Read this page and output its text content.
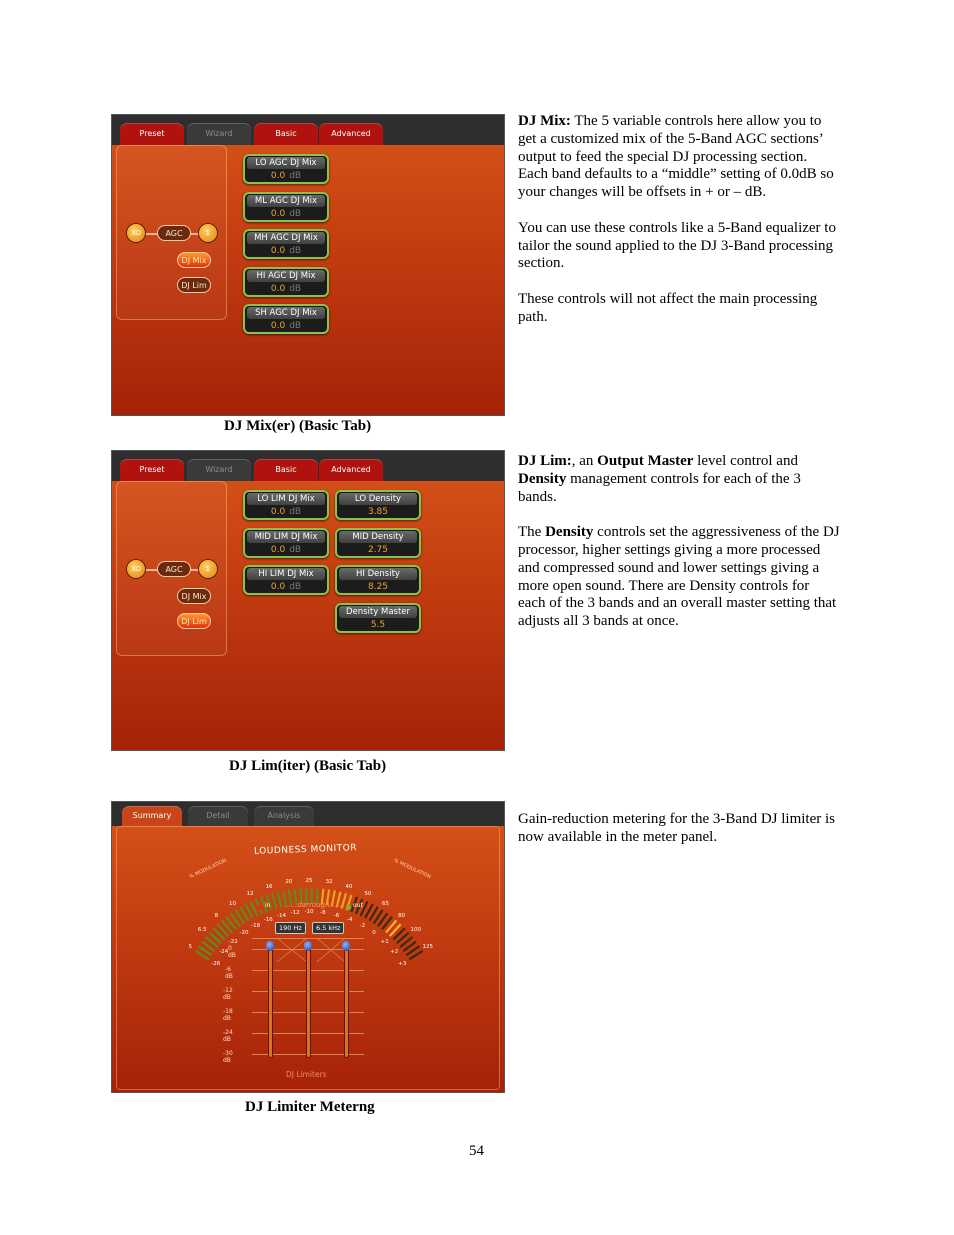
Preset	Wizard	Basic	Advanced
XO	AGC	Σ
DJ Mix
DJ Lim
LO AGC DJ Mix
0.0 dB
ML AGC DJ Mix
0.0 dB
MH AGC DJ Mix
0.0 dB
HI AGC DJ Mix
0.0 dB
SH AGC DJ Mix
0.0 dB
DJ Mix(er) (Basic Tab)

DJ Mix: The 5 variable controls here allow you to get a customized mix of the 5-Band AGC sections’ output to feed the special DJ processing section. Each band defaults to a “middle” setting of 0.0dB so your changes will be offsets in + or – dB.

You can use these controls like a 5-Band equalizer to tailor the sound applied to the DJ 3-Band processing section.

These controls will not affect the main processing path.

Preset	Wizard	Basic	Advanced
XO	AGC	Σ
DJ Mix
DJ Lim
LO LIM DJ Mix
0.0 dB
MID LIM DJ Mix
0.0 dB
HI LIM DJ Mix
0.0 dB
LO Density
3.85
MID Density
2.75
HI Density
8.25
Density Master
5.5
DJ Lim(iter) (Basic Tab)

DJ Lim:, an Output Master level control and Density management controls for each of the 3 bands.

The Density controls set the aggressiveness of the DJ processor, higher settings giving a more processed and compressed sound and lower settings giving a more open sound. There are Density controls for each of the 3 bands and an overall master setting that adjusts all 3 bands at once.

Summary	Detail	Analysis
LOUDNESS MONITOR
% MODULATION	% MODULATION
in ......darrough...... out
190 Hz	6.5 kHz
0 dB
-6 dB
-12 dB
-18 dB
-24 dB
-30 dB
DJ Limiters
5
6.5
8
10
12
16
20 25 32
40
50
65
80
100
125
-26
-24
-22
-20
-18
-16
-14 -12 -10 -8 -6
-4
-2
0
+1
+2
+3
DJ Limiter Meterng

Gain-reduction metering for the 3-Band DJ limiter is now available in the meter panel.

54
